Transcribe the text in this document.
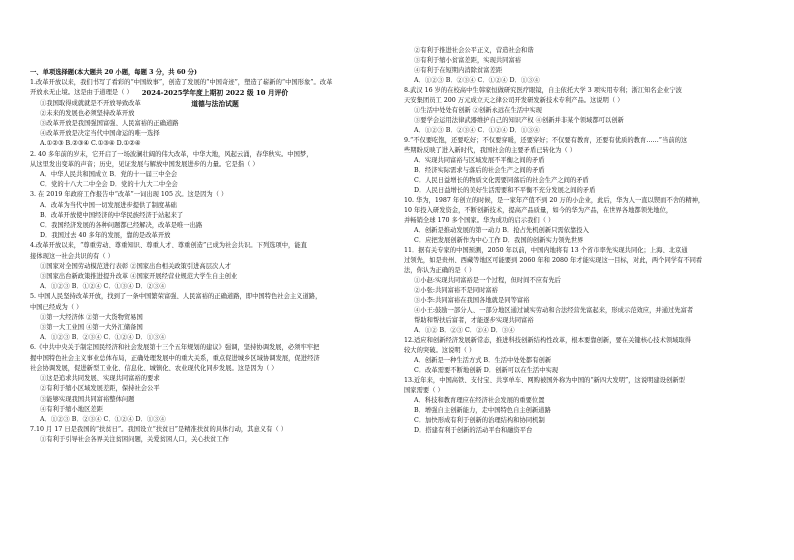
2024-2025学年度上期初 2022 级 10 月评价
道德与法治试题
一、单项选择题(本大题共 20 小题，每题 3 分，共 60 分)
1.改革开放以来，我们书写了看彩的“中国故事”，创造了发展的“中国奇迹”，塑造了崭新的“中国形象”。改革
开放永无止境。这是由于道理是（ ）
①我国取得成就就是不开放导致改革
②未来的发展也必须坚持改革开放
③改革开放是我国强国富强、人民富裕的正确道路
④改革开放是决定当代中国命运的唯一选择
A.①②③ B.②③④ C.①③④ D.①②④
2. 40 多年前的岁末，它开启了一场波澜壮阔的伟大改革，中华大地，风起云涌，春华秋实。中国梦，
从这里发出变革的声音；历史，见证发展与解放中国发展进步的力量。它是指（ ）
A．中华人民共和国成立 B．党的十一届三中全会
C．党的十八大二中全会 D．党的十九大二中全会
3. 在 2019 年政府工作报告中“改革”一词出现 105 次。这是因为（ ）
A．改革为当代中国一切发展进步提供了制度基础
B．改革开放使中国经济的中华民族经济于站起来了
C．我国经济发展的各种问题都已经解决，改革是唯一出路
D．我国过去 40 多年的发展，靠的是改革开放
4.改革开放以来，“尊重劳动、尊重知识、尊重人才、尊重创造”已成为社会共识。下列选项中，能直
接体现这一社会共识的有（ ）
①国家对全国劳动模范进行表彰 ②国家出台相关政策引进高层次人才
③国家出台新政策推进提升改革 ④国家开展经营业规范大学生自主创业
A．①②③ B．①②④ C．①③④ D．②③④
5. 中国人民坚持改革开放，找到了一条中国繁荣富强、人民富裕的正确道路，即中国特色社会主义道路，
中国已经成为（ ）
①第一大经济体 ②第一大货物贸易国
③第一大工业国 ④第一大外汇储备国
A．①②③ B．②③④ C．①②④ D．①③④
6.《中共中央关于制定国民经济和社会发展第十三个五年规划的建议》强调，坚持协调发展，必须牢牢把
握中国特色社会主义事业总体布局，正确处理发展中的重大关系，重点促进城乡区域协调发展，促进经济
社会协调发展，促进新型工业化、信息化、城镇化、农业现代化同步发展。这是因为（ ）
①这是追求共同发展、实现共同富裕的要求
②有利于缩小区域发展差距，保持社会公平
③能够实现我国共同富裕整体问题
④有利于缩小地区差距
A．①②③ B．②③④ C．①②④ D．①③④
7.10 月 17 日是我国的“扶贫日”。我国设立“扶贫日”是精准扶贫的具体行动，其意义有（ ）
①有利于引导社会各界关注贫困问题，关爱贫困人口，关心扶贫工作
②有利于推进社会公平正义，营造社会和谐
③有利于缩小贫富差距，实现共同富裕
④有利于在短期内消除贫富差距
A．①②③ B．②③④ C．①②④ D．①③④
8.武汉 16 岁的在校高中生韩家恒做研究医疗眼镜，自主依托大学 3 项实用专利；浙江知名企业宁波
天安集团员工 200 万元成立天之律公司开发研发新技术专利产品。这说明（ ）
①生活中处处有创新 ②创新永远在生活中实现
③要学会运用法律武器维护自己的知识产权 ④创新并非某个领域都可以创新
A．①②③ B．②③④ C．①②④ D．①③④
9.“不仅要吃饱，还要吃好；不仅要穿暖，还要穿好；不仅要有教育，还要有优质的教育……”当前的这
些期盼反映了进入新时代，我国社会的主要矛盾已转化为（ ）
A．实现共同富裕与区域发展不平衡之间的矛盾
B．经济实际需求与落后的社会生产之间的矛盾
C．人民日益增长的物质文化需要同落后的社会生产之间的矛盾
D．人民日益增长的美好生活需要和不平衡不充分发展之间的矛盾
10. 华为，1987 年创立的时候，是一家年产值不到 20 万的小企业，此后，华为人一直以锲而不舍的精神，
10 年投入研发资金，不断创新技术，提高产品质量，如今的华为产品，在世界各地都领先地位，
并畅销全球 170 多个国家。华为成功的启示我们（ ）
A．创新是推动发展的第一动力 B．抢占先机创新只需依靠投入
C．应把发展创新作为中心工作 D．我国的创新实力领先世界
11．据有关专家的中国预测，2050 年以前，中国内地将有 13 个省市率先实现共同化；上海、北京通
过领先，如是贵州、西藏等地区可能要到 2060 年和 2080 年才能实现这一目标，对此，两个同学有不同看
法，你认为正确的是（ ）
①小赵:实现共同富裕是一个过程，但时间不应有先后
②小张:共同富裕不是同时富裕
③小李:共同富裕在我国各地就是同等富裕
④小王:鼓励一部分人、一部分地区通过诚实劳动和合法经营先富起来，形成示范效应，并通过先富者
帮助和帮扶后富者，才能逐步实现共同富裕
A．①② B．②③ C．②④ D．③④
12.适应和创新经济发展新常态，推进科技创新结构性改革，根本要靠创新，要在关键核心技术领域取得
较大的突破。这说明（ ）
A．创新是一种生活方式 B．生活中处处都有创新
C．改革需要不断地创新 D．创新可以在生活中实现
13.近年来，中国高铁、支付宝、共享单车、网购被国外称为中国的“新四大发明”，这说明建设创新型
国家需要（ ）
A．科技和教育理应在经济社会发展的重要位置
B．增强自主创新能力，走中国特色自主创新道路
C．加快形成有利于创新的治理结构和协同机制
D．搭建有利于创新的活动平台和融资平台
